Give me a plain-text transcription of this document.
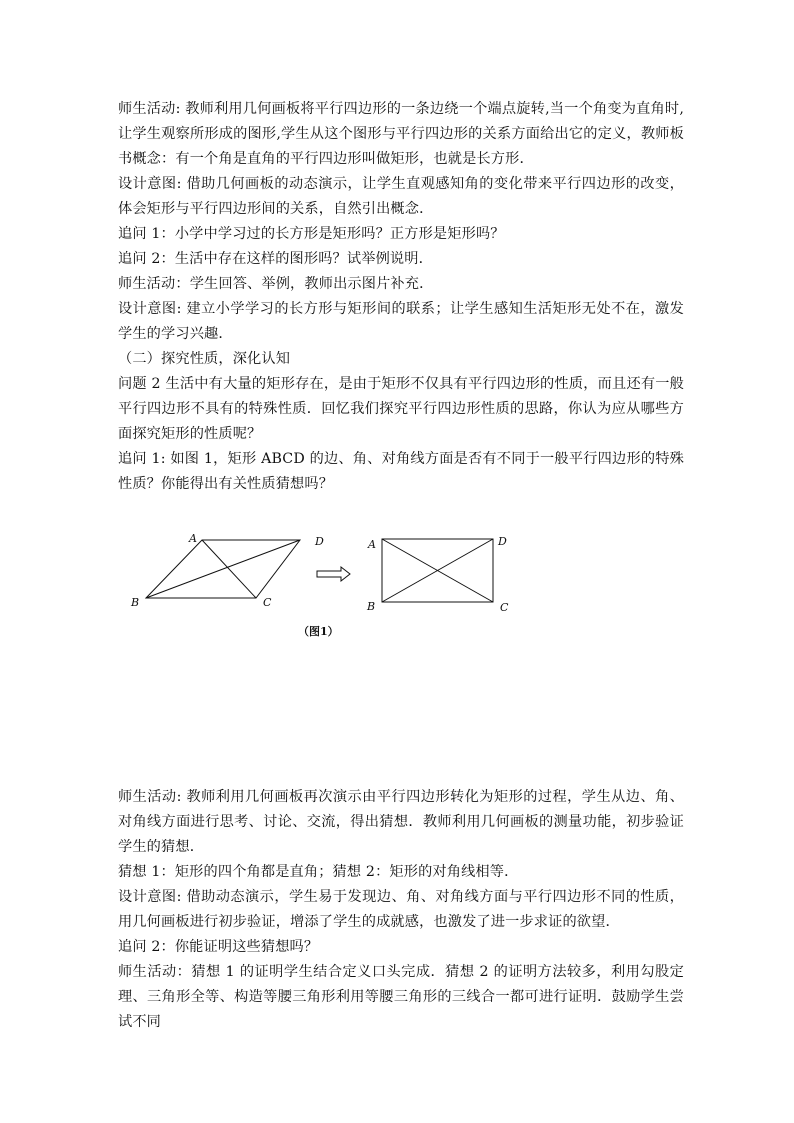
师生活动: 教师利用几何画板将平行四边形的一条边绕一个端点旋转,当一个角变为直角时,让学生观察所形成的图形,学生从这个图形与平行四边形的关系方面给出它的定义，教师板书概念：有一个角是直角的平行四边形叫做矩形，也就是长方形．

设计意图: 借助几何画板的动态演示，让学生直观感知角的变化带来平行四边形的改变，体会矩形与平行四边形间的关系，自然引出概念．

追问 1：小学中学习过的长方形是矩形吗？正方形是矩形吗？

追问 2：生活中存在这样的图形吗？试举例说明．

师生活动：学生回答、举例，教师出示图片补充．

设计意图: 建立小学学习的长方形与矩形间的联系；让学生感知生活矩形无处不在，激发学生的学习兴趣．

（二）探究性质，深化认知

问题 2 生活中有大量的矩形存在，是由于矩形不仅具有平行四边形的性质，而且还有一般平行四边形不具有的特殊性质．回忆我们探究平行四边形性质的思路，你认为应从哪些方面探究矩形的性质呢？

追问 1: 如图 1，矩形 ABCD 的边、角、对角线方面是否有不同于一般平行四边形的特殊性质？你能得出有关性质猜想吗？

A
B	C
D	A
B	C
D
（图1）

师生活动: 教师利用几何画板再次演示由平行四边形转化为矩形的过程，学生从边、角、对角线方面进行思考、讨论、交流，得出猜想．教师利用几何画板的测量功能，初步验证学生的猜想．

猜想 1：矩形的四个角都是直角；猜想 2：矩形的对角线相等．

设计意图: 借助动态演示，学生易于发现边、角、对角线方面与平行四边形不同的性质，用几何画板进行初步验证，增添了学生的成就感，也激发了进一步求证的欲望．

追问 2：你能证明这些猜想吗？

师生活动：猜想 1 的证明学生结合定义口头完成．猜想 2 的证明方法较多，利用勾股定理、三角形全等、构造等腰三角形利用等腰三角形的三线合一都可进行证明．鼓励学生尝试不同
